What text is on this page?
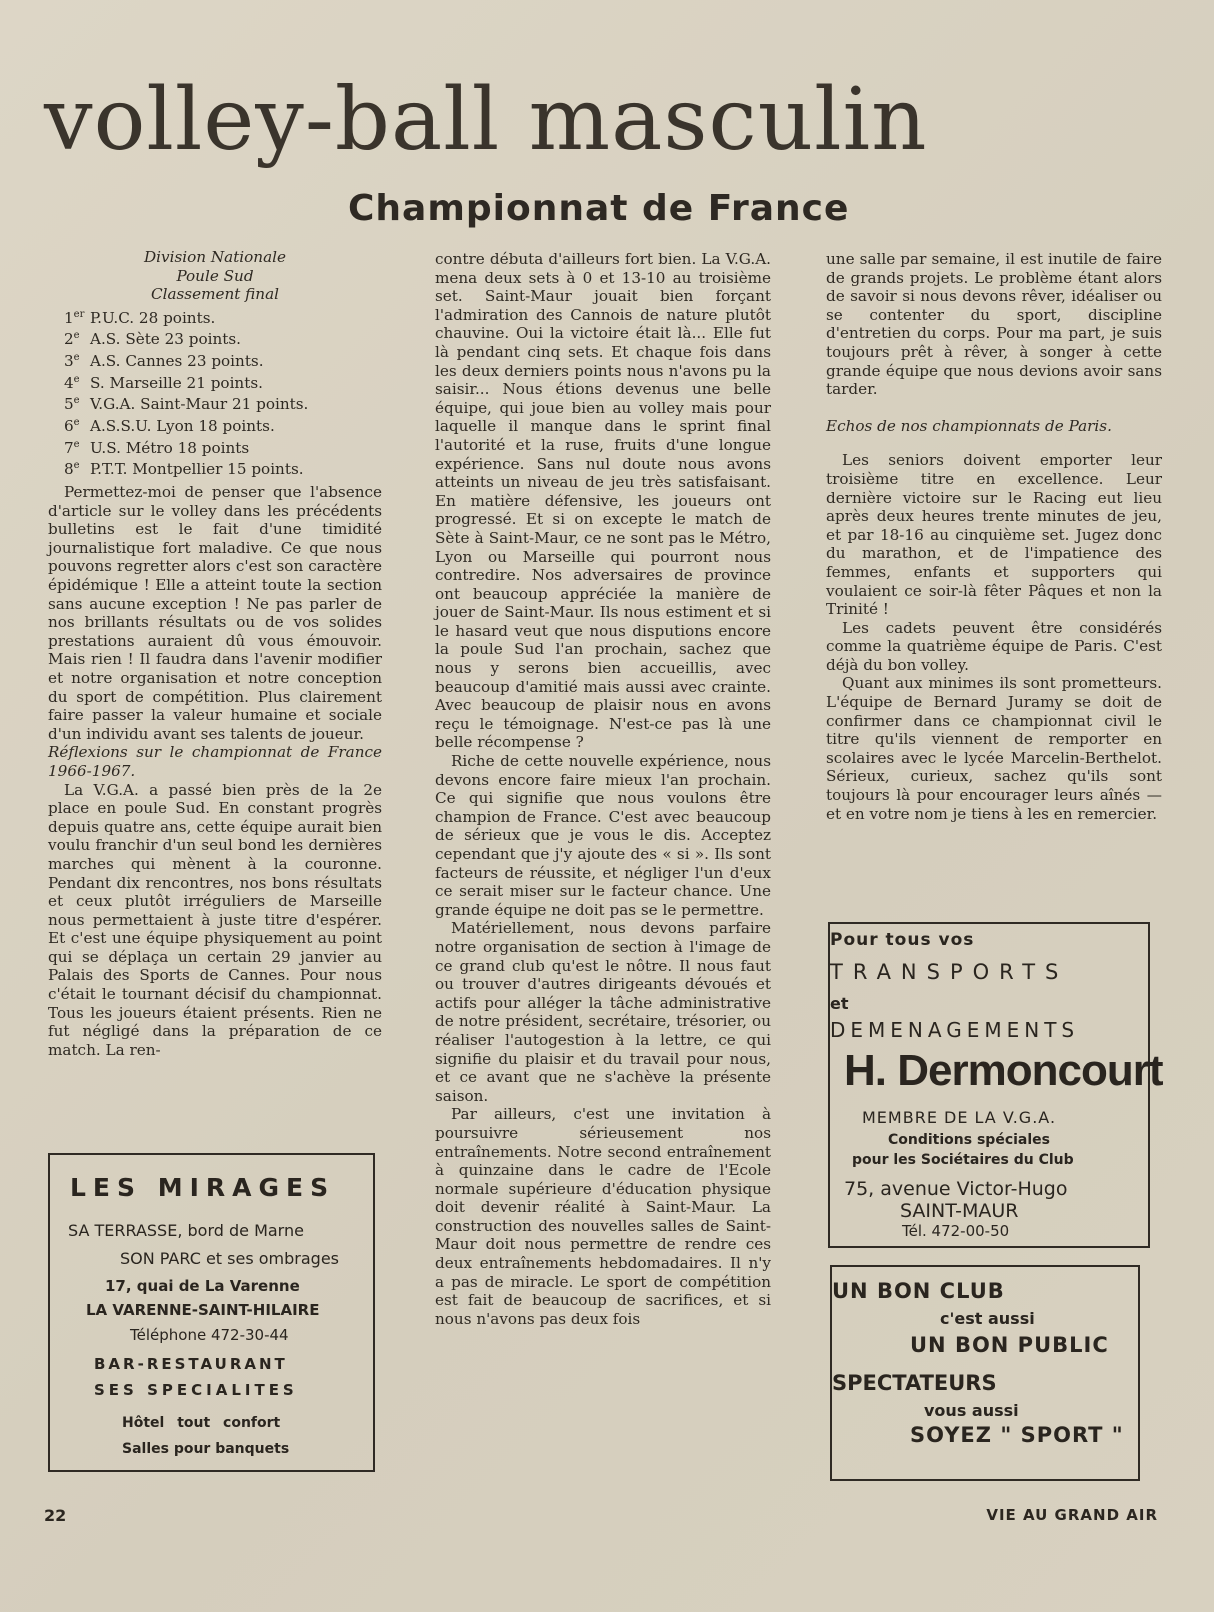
volley-ball masculin
Championnat de France

Division Nationale

Poule Sud

Classement final

1er P.U.C. 28 points.
2e A.S. Sète 23 points.
3e A.S. Cannes 23 points.
4e S. Marseille 21 points.
5e V.G.A. Saint-Maur 21 points.
6e A.S.S.U. Lyon 18 points.
7e U.S. Métro 18 points
8e P.T.T. Montpellier 15 points.

Permettez-moi de penser que l'absence d'article sur le volley dans les précédents bulletins est le fait d'une timidité journalistique fort maladive. Ce que nous pouvons regretter alors c'est son caractère épidémique ! Elle a atteint toute la section sans aucune exception ! Ne pas parler de nos brillants résultats ou de vos solides prestations auraient dû vous émouvoir. Mais rien ! Il faudra dans l'avenir modifier et notre organisation et notre conception du sport de compétition. Plus clairement faire passer la valeur humaine et sociale d'un individu avant ses talents de joueur.

Réflexions sur le championnat de France 1966-1967.

La V.G.A. a passé bien près de la 2e place en poule Sud. En constant progrès depuis quatre ans, cette équipe aurait bien voulu franchir d'un seul bond les dernières marches qui mènent à la couronne. Pendant dix rencontres, nos bons résultats et ceux plutôt irréguliers de Marseille nous permettaient à juste titre d'espérer. Et c'est une équipe physiquement au point qui se déplaça un certain 29 janvier au Palais des Sports de Cannes. Pour nous c'était le tournant décisif du championnat. Tous les joueurs étaient présents. Rien ne fut négligé dans la préparation de ce match. La ren-

contre débuta d'ailleurs fort bien. La V.G.A. mena deux sets à 0 et 13-10 au troisième set. Saint-Maur jouait bien forçant l'admiration des Cannois de nature plutôt chauvine. Oui la victoire était là... Elle fut là pendant cinq sets. Et chaque fois dans les deux derniers points nous n'avons pu la saisir... Nous étions devenus une belle équipe, qui joue bien au volley mais pour laquelle il manque dans le sprint final l'autorité et la ruse, fruits d'une longue expérience. Sans nul doute nous avons atteints un niveau de jeu très satisfaisant. En matière défensive, les joueurs ont progressé. Et si on excepte le match de Sète à Saint-Maur, ce ne sont pas le Métro, Lyon ou Marseille qui pourront nous contredire. Nos adversaires de province ont beaucoup appréciée la manière de jouer de Saint-Maur. Ils nous estiment et si le hasard veut que nous disputions encore la poule Sud l'an prochain, sachez que nous y serons bien accueillis, avec beaucoup d'amitié mais aussi avec crainte. Avec beaucoup de plaisir nous en avons reçu le témoignage. N'est-ce pas là une belle récompense ?

Riche de cette nouvelle expérience, nous devons encore faire mieux l'an prochain. Ce qui signifie que nous voulons être champion de France. C'est avec beaucoup de sérieux que je vous le dis. Acceptez cependant que j'y ajoute des « si ». Ils sont facteurs de réussite, et négliger l'un d'eux ce serait miser sur le facteur chance. Une grande équipe ne doit pas se le permettre.

Matériellement, nous devons parfaire notre organisation de section à l'image de ce grand club qu'est le nôtre. Il nous faut ou trouver d'autres dirigeants dévoués et actifs pour alléger la tâche administrative de notre président, secrétaire, trésorier, ou réaliser l'autogestion à la lettre, ce qui signifie du plaisir et du travail pour nous, et ce avant que ne s'achève la présente saison.

Par ailleurs, c'est une invitation à poursuivre sérieusement nos entraînements. Notre second entraînement à quinzaine dans le cadre de l'Ecole normale supérieure d'éducation physique doit devenir réalité à Saint-Maur. La construction des nouvelles salles de Saint-Maur doit nous permettre de rendre ces deux entraînements hebdomadaires. Il n'y a pas de miracle. Le sport de compétition est fait de beaucoup de sacrifices, et si nous n'avons pas deux fois

une salle par semaine, il est inutile de faire de grands projets. Le problème étant alors de savoir si nous devons rêver, idéaliser ou se contenter du sport, discipline d'entretien du corps. Pour ma part, je suis toujours prêt à rêver, à songer à cette grande équipe que nous devions avoir sans tarder.

Echos de nos championnats de Paris.

Les seniors doivent emporter leur troisième titre en excellence. Leur dernière victoire sur le Racing eut lieu après deux heures trente minutes de jeu, et par 18-16 au cinquième set. Jugez donc du marathon, et de l'impatience des femmes, enfants et supporters qui voulaient ce soir-là fêter Pâques et non la Trinité !

Les cadets peuvent être considérés comme la quatrième équipe de Paris. C'est déjà du bon volley.

Quant aux minimes ils sont prometteurs. L'équipe de Bernard Juramy se doit de confirmer dans ce championnat civil le titre qu'ils viennent de remporter en scolaires avec le lycée Marcelin-Berthelot. Sérieux, curieux, sachez qu'ils sont toujours là pour encourager leurs aînés — et en votre nom je tiens à les en remercier.

LES MIRAGES
SA TERRASSE, bord de Marne
SON PARC et ses ombrages
17, quai de La Varenne
LA VARENNE-SAINT-HILAIRE
Téléphone 472-30-44
BAR-RESTAURANT
SES SPECIALITES
Hôtel tout confort
Salles pour banquets
Pour tous vos
TRANSPORTS
et
DEMENAGEMENTS
H. Dermoncourt
MEMBRE DE LA V.G.A.
Conditions spéciales
pour les Sociétaires du Club
75, avenue Victor-Hugo
SAINT-MAUR
Tél. 472-00-50
UN BON CLUB
c'est aussi
UN BON PUBLIC
SPECTATEURS
vous aussi
SOYEZ " SPORT "
22	VIE AU GRAND AIR
